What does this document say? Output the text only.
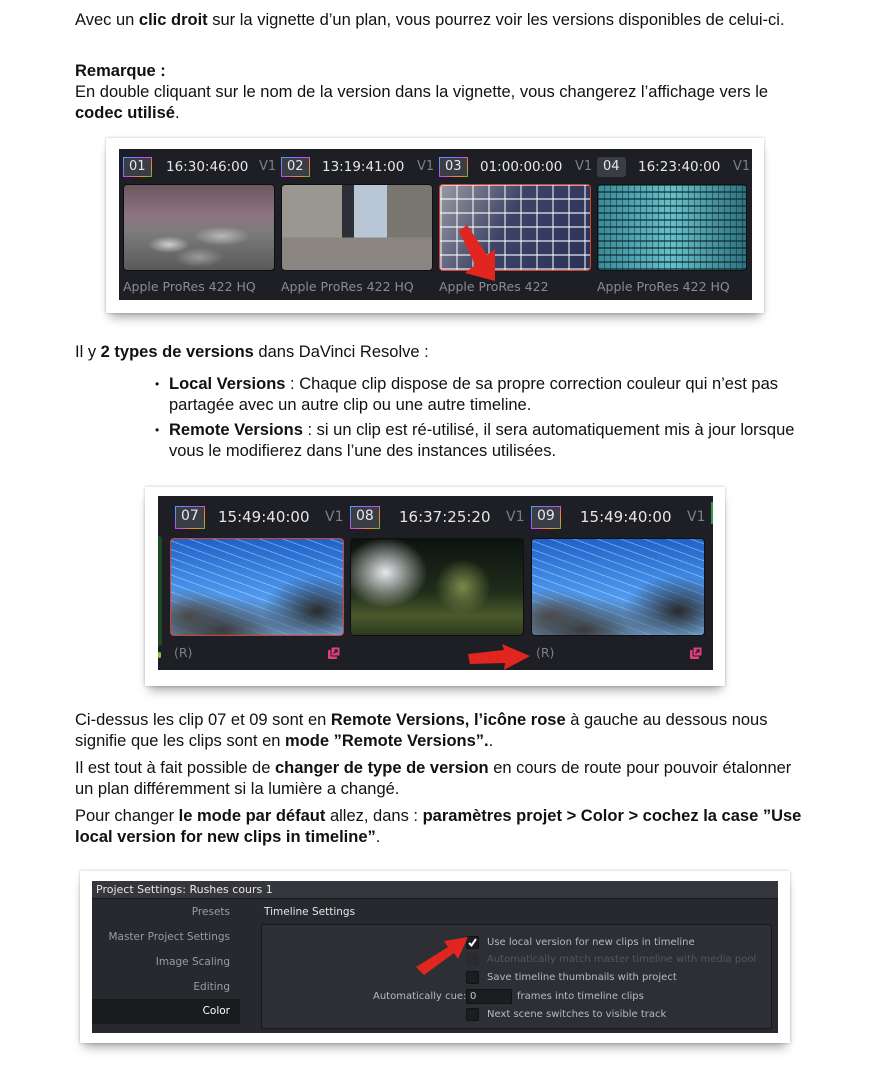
Avec un clic droit sur la vignette d’un plan, vous pourrez voir les versions disponibles de celui-ci.

Remarque :

En double cliquant sur le nom de la version dans la vignette, vous changerez l’affichage vers le codec utilisé.

01	16:30:46:00 V1
Apple ProRes 422 HQ
02	13:19:41:00 V1
Apple ProRes 422 HQ
03	01:00:00:00 V1
Apple ProRes 422
04	16:23:40:00 V1
Apple ProRes 422 HQ

Il y 2 types de versions dans DaVinci Resolve :

• Local Versions : Chaque clip dispose de sa propre correction couleur qui n’est pas partagée avec un autre clip ou une autre timeline.
• Remote Versions : si un clip est ré-utilisé, il sera automatiquement mis à jour lorsque vous le modifierez dans l’une des instances utilisées.
07	15:49:40:00 V1
(R)
08	16:37:25:20 V1 09	15:49:40:00 V1
(R)

Ci-dessus les clip 07 et 09 sont en Remote Versions, l’icône rose à gauche au dessous nous signifie que les clips sont en mode ”Remote Versions”..

Il est tout à fait possible de changer de type de version en cours de route pour pouvoir étalonner un plan différemment si la lumière a changé.

Pour changer le mode par défaut allez, dans : paramètres projet > Color > cochez la case ”Use local version for new clips in timeline”.

Project Settings: Rushes cours 1
Presets
Master Project Settings
Image Scaling
Editing
Color
Timeline Settings
Use local version for new clips in timeline
Automatically match master timeline with media pool
Save timeline thumbnails with project
Automatically cue: 0	frames into timeline clips
Next scene switches to visible track
